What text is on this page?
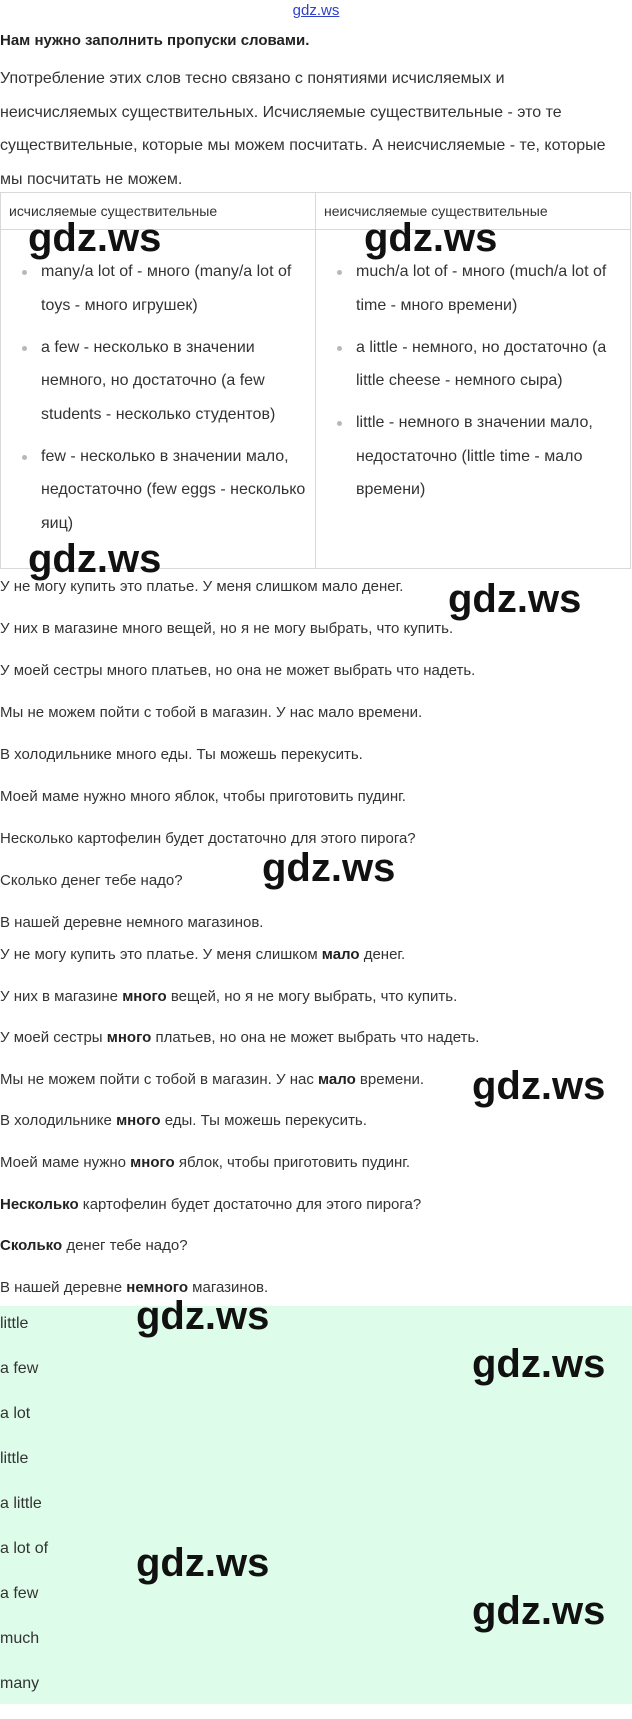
gdz.ws
Нам нужно заполнить пропуски словами.
Употребление этих слов тесно связано с понятиями исчисляемых и неисчисляемых существительных. Исчисляемые существительные - это те существительные, которые мы можем посчитать. А неисчисляемые - те, которые мы посчитать не можем.
исчисляемые существительные	неисчисляемые существительные
many/a lot of - много (many/a lot of toys - много игрушек)
a few - несколько в значении немного, но достаточно (a few students - несколько студентов)
few - несколько в значении мало, недостаточно (few eggs - несколько яиц)
much/a lot of - много (much/a lot of time - много времени)
a little - немного, но достаточно (a little cheese - немного сыра)
little - немного в значении мало, недостаточно (little time - мало времени)
У не могу купить это платье. У меня слишком мало денег.
У них в магазине много вещей, но я не могу выбрать, что купить.
У моей сестры много платьев, но она не может выбрать что надеть.
Мы не можем пойти с тобой в магазин. У нас мало времени.
В холодильнике много еды. Ты можешь перекусить.
Моей маме нужно много яблок, чтобы приготовить пудинг.
Несколько картофелин будет достаточно для этого пирога?
Сколько денег тебе надо?
В нашей деревне немного магазинов.
У не могу купить это платье. У меня слишком мало денег.
У них в магазине много вещей, но я не могу выбрать, что купить.
У моей сестры много платьев, но она не может выбрать что надеть.
Мы не можем пойти с тобой в магазин. У нас мало времени.
В холодильнике много еды. Ты можешь перекусить.
Моей маме нужно много яблок, чтобы приготовить пудинг.
Несколько картофелин будет достаточно для этого пирога?
Сколько денег тебе надо?
В нашей деревне немного магазинов.
little
a few
a lot
little
a little
a lot of
a few
much
many
gdz.ws	gdz.ws
gdz.ws
gdz.ws
gdz.ws
gdz.ws
gdz.ws
gdz.ws
gdz.ws
gdz.ws
